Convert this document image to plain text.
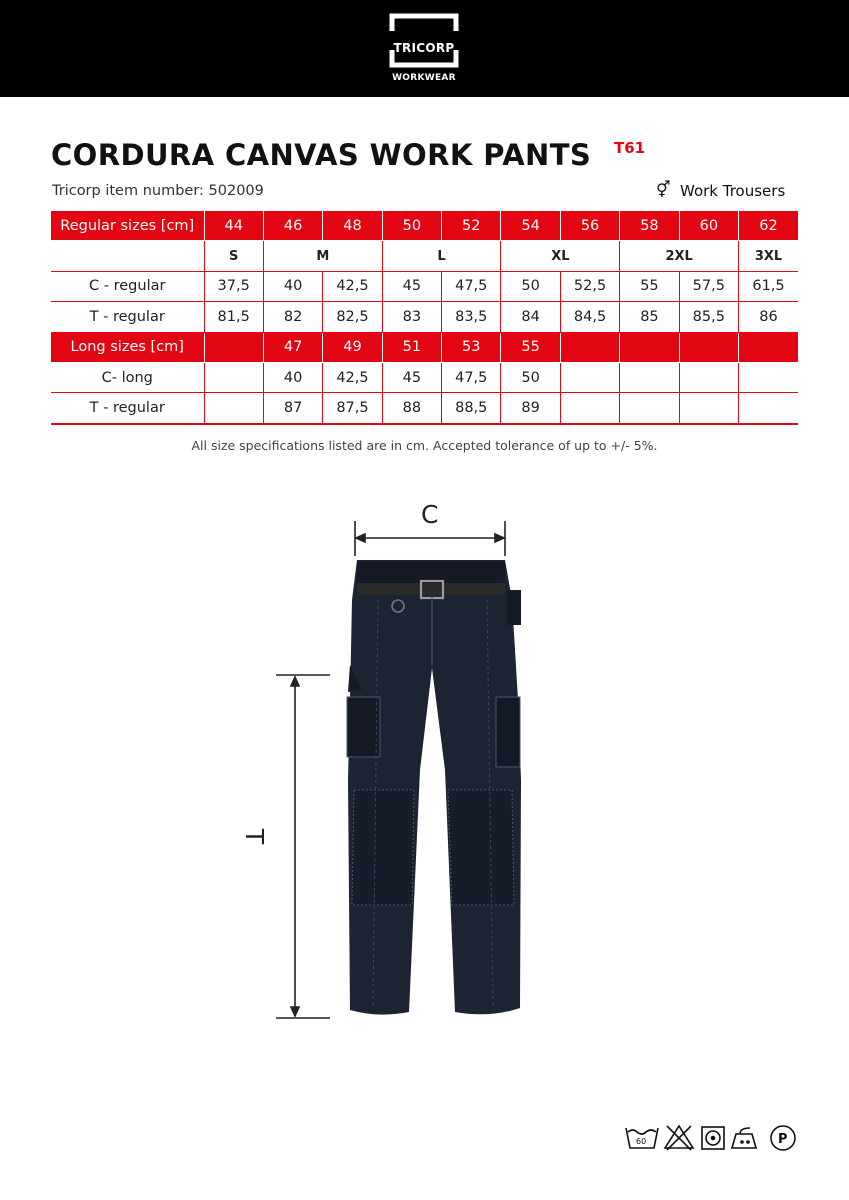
TRICORP
WORKWEAR
CORDURA CANVAS WORK PANTS T61
Tricorp item number: 502009	⚥ Work Trousers
Regular sizes [cm]	44	46	48	50	52	54	56	58	60	62
	S	M		L		XL		2XL		3XL
C - regular	37,5	40	42,5	45	47,5	50	52,5	55	57,5	61,5
T - regular	81,5	82	82,5	83	83,5	84	84,5	85	85,5	86
Long sizes [cm]		47	49	51	53	55				
C- long		40	42,5	45	47,5	50				
T - regular		87	87,5	88	88,5	89				
All size specifications listed are in cm. Accepted tolerance of up to +/- 5%.
C
T
60	P
